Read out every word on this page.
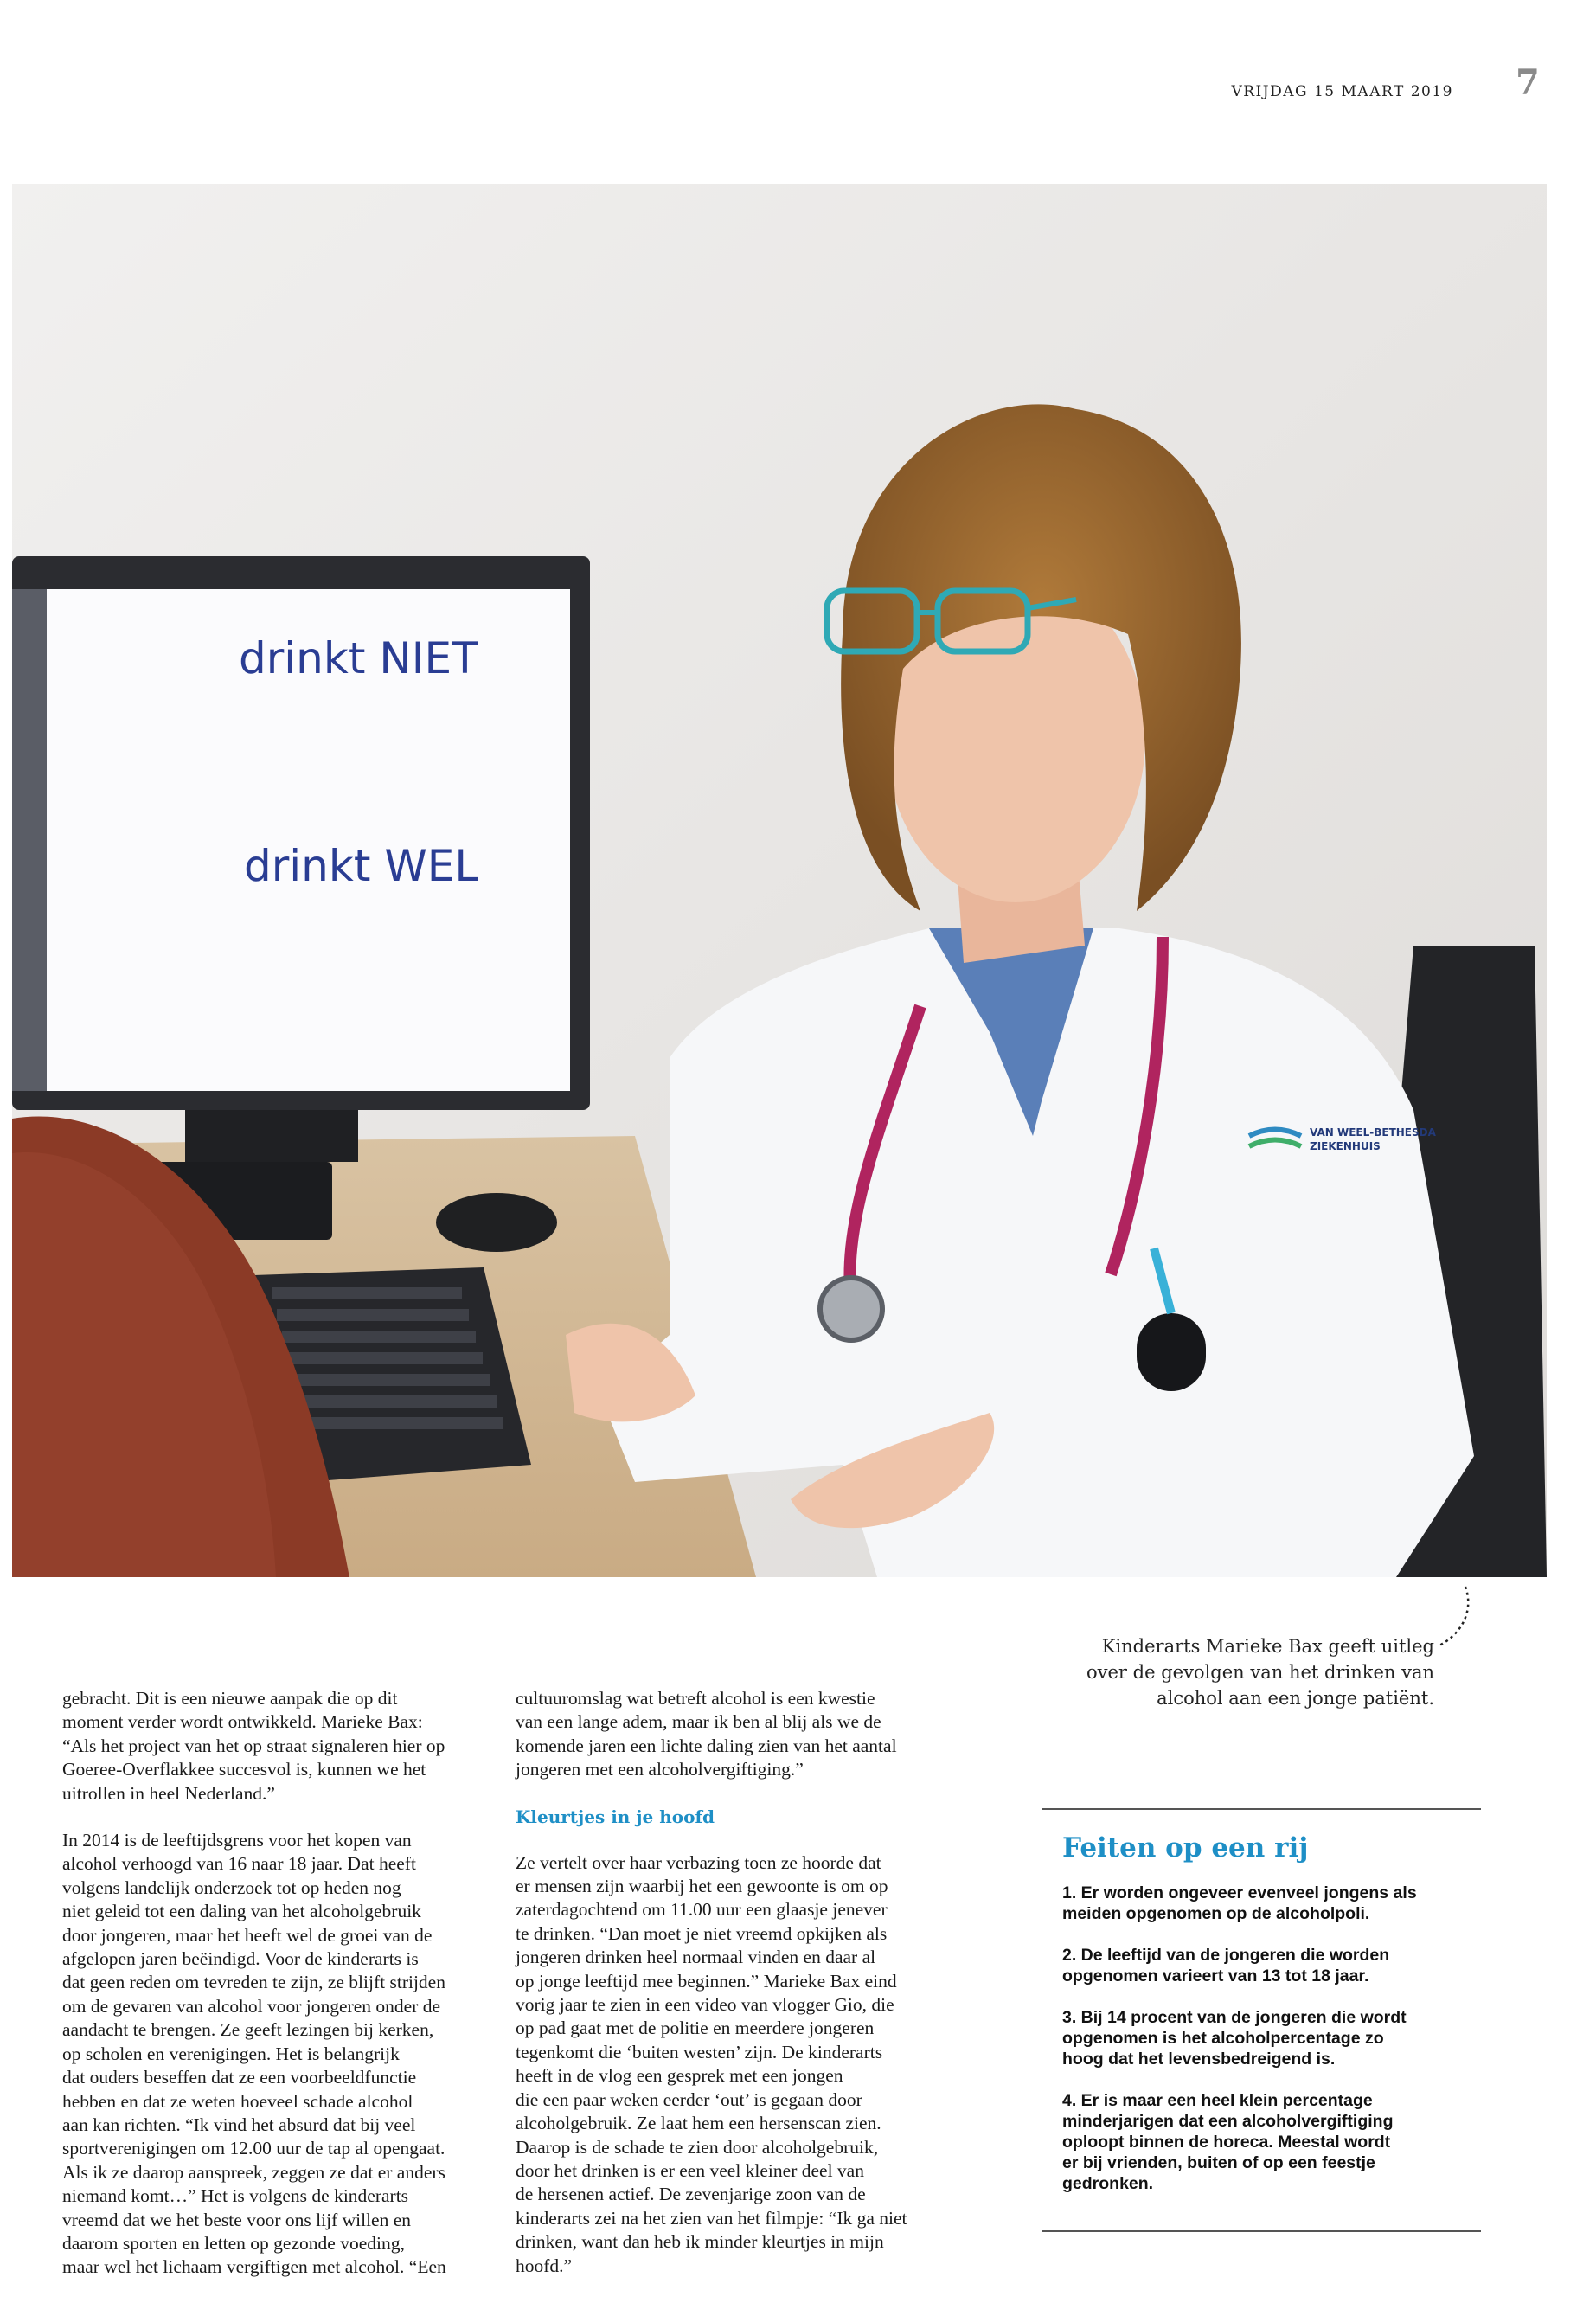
VRIJDAG 15 MAART 2019 7
drinkt NIET
drinkt WEL
VAN WEEL-BETHESDA
ZIEKENHUIS
Kinderarts Marieke Bax geeft uitleg
over de gevolgen van het drinken van
alcohol aan een jonge patiënt.

gebracht. Dit is een nieuwe aanpak die op dit
moment verder wordt ontwikkeld. Marieke Bax:
“Als het project van het op straat signaleren hier op
Goeree-Overflakkee succesvol is, kunnen we het
uitrollen in heel Nederland.”

In 2014 is de leeftijdsgrens voor het kopen van
alcohol verhoogd van 16 naar 18 jaar. Dat heeft
volgens landelijk onderzoek tot op heden nog
niet geleid tot een daling van het alcoholgebruik
door jongeren, maar het heeft wel de groei van de
afgelopen jaren beëindigd. Voor de kinderarts is
dat geen reden om tevreden te zijn, ze blijft strijden
om de gevaren van alcohol voor jongeren onder de
aandacht te brengen. Ze geeft lezingen bij kerken,
op scholen en verenigingen. Het is belangrijk
dat ouders beseffen dat ze een voorbeeldfunctie
hebben en dat ze weten hoeveel schade alcohol
aan kan richten. “Ik vind het absurd dat bij veel
sportverenigingen om 12.00 uur de tap al opengaat.
Als ik ze daarop aanspreek, zeggen ze dat er anders
niemand komt…” Het is volgens de kinderarts
vreemd dat we het beste voor ons lijf willen en
daarom sporten en letten op gezonde voeding,
maar wel het lichaam vergiftigen met alcohol. “Een

cultuuromslag wat betreft alcohol is een kwestie
van een lange adem, maar ik ben al blij als we de
komende jaren een lichte daling zien van het aantal
jongeren met een alcoholvergiftiging.”

Kleurtjes in je hoofd

Ze vertelt over haar verbazing toen ze hoorde dat
er mensen zijn waarbij het een gewoonte is om op
zaterdagochtend om 11.00 uur een glaasje jenever
te drinken. “Dan moet je niet vreemd opkijken als
jongeren drinken heel normaal vinden en daar al
op jonge leeftijd mee beginnen.” Marieke Bax eind
vorig jaar te zien in een video van vlogger Gio, die
op pad gaat met de politie en meerdere jongeren
tegenkomt die ‘buiten westen’ zijn. De kinderarts
heeft in de vlog een gesprek met een jongen
die een paar weken eerder ‘out’ is gegaan door
alcoholgebruik. Ze laat hem een hersenscan zien.
Daarop is de schade te zien door alcoholgebruik,
door het drinken is er een veel kleiner deel van
de hersenen actief. De zevenjarige zoon van de
kinderarts zei na het zien van het filmpje: “Ik ga niet
drinken, want dan heb ik minder kleurtjes in mijn
hoofd.”

Feiten op een rij
1. Er worden ongeveer evenveel jongens als
meiden opgenomen op de alcoholpoli.
2. De leeftijd van de jongeren die worden
opgenomen varieert van 13 tot 18 jaar.
3. Bij 14 procent van de jongeren die wordt
opgenomen is het alcoholpercentage zo
hoog dat het levensbedreigend is.
4. Er is maar een heel klein percentage
minderjarigen dat een alcoholvergiftiging
oploopt binnen de horeca. Meestal wordt
er bij vrienden, buiten of op een feestje
gedronken.
